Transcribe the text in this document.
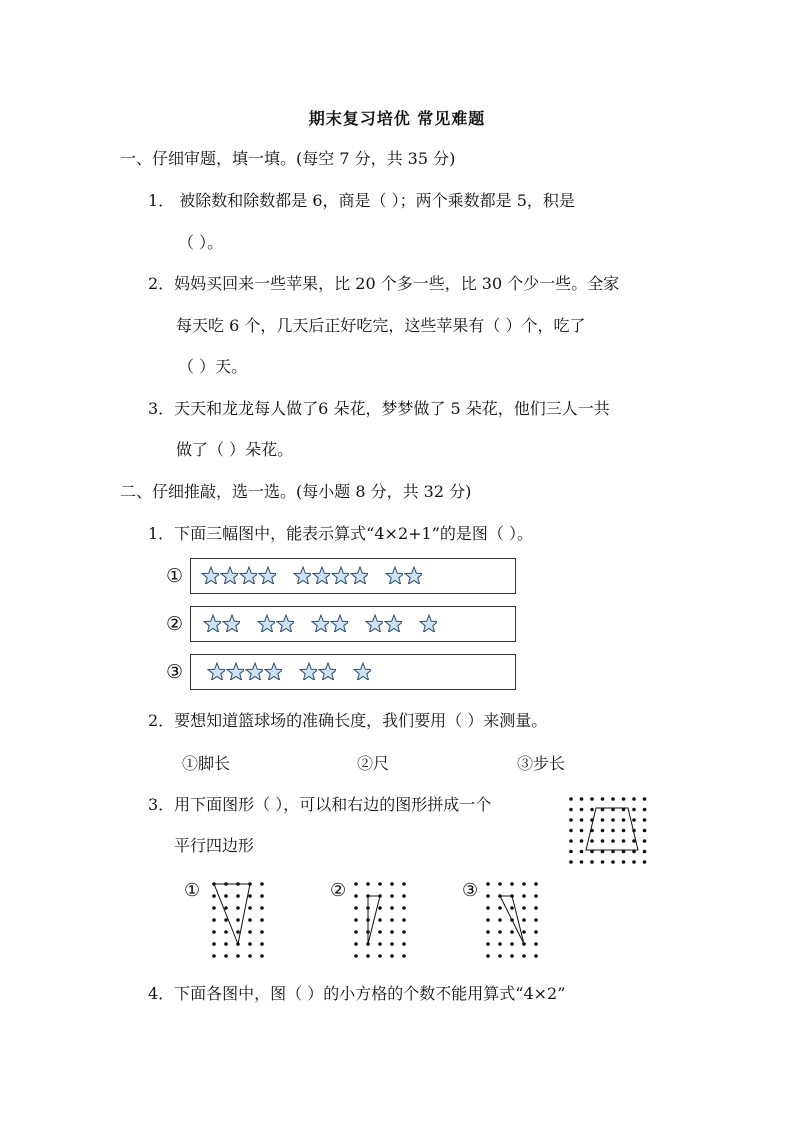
期末复习培优 常见难题
一、仔细审题，填一填。(每空 7 分，共 35 分)
1． 被除数和除数都是 6，商是（ ）；两个乘数都是 5，积是
（ ）。
2．妈妈买回来一些苹果，比 20 个多一些，比 30 个少一些。全家
每天吃 6 个，几天后正好吃完，这些苹果有（ ）个，吃了
（ ）天。
3．天天和龙龙每人做了6 朵花，梦梦做了 5 朵花，他们三人一共
做了（ ）朵花。
二、仔细推敲，选一选。(每小题 8 分，共 32 分)
1．下面三幅图中，能表示算式“4×2+1”的是图（ ）。
①
②
③
2．要想知道篮球场的准确长度，我们要用（ ）来测量。
①脚长	②尺	③步长
3．用下面图形（ ），可以和右边的图形拼成一个
平行四边形
①	②	③
4．下面各图中，图（ ）的小方格的个数不能用算式“4×2”
